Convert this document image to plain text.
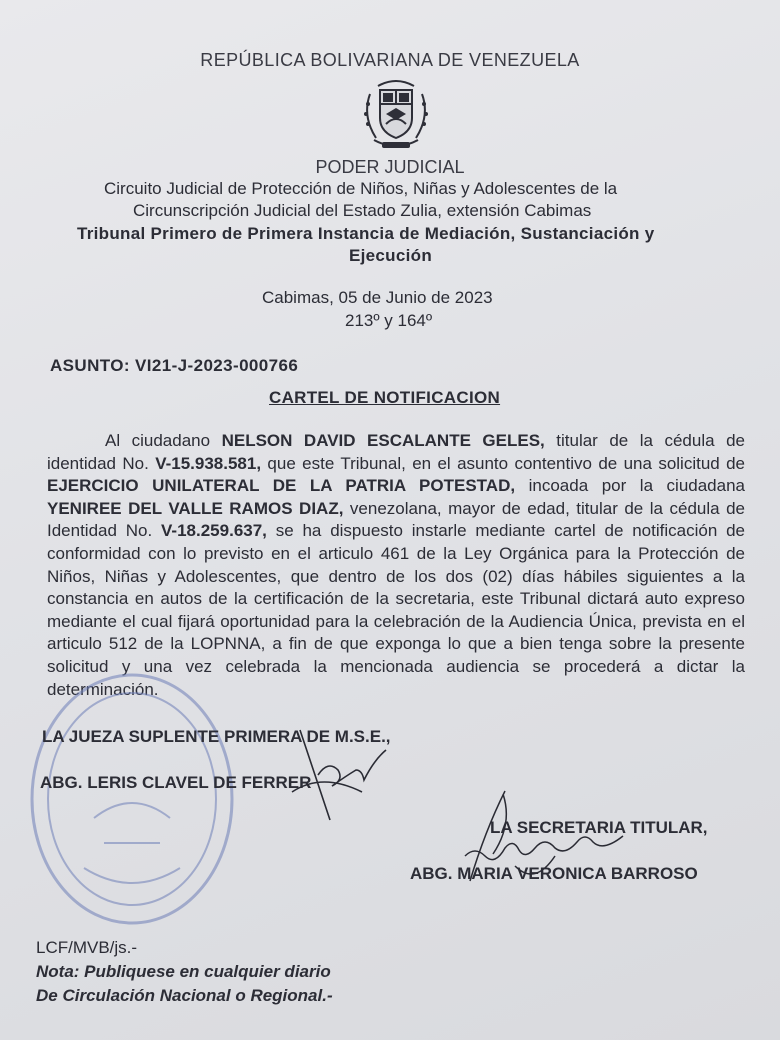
REPÚBLICA BOLIVARIANA DE VENEZUELA
PODER JUDICIAL
Circuito Judicial de Protección de Niños, Niñas y Adolescentes de la
Circunscripción Judicial del Estado Zulia, extensión Cabimas
Tribunal Primero de Primera Instancia de Mediación, Sustanciación y
Ejecución
Cabimas, 05 de Junio de 2023
213º y 164º
ASUNTO: VI21-J-2023-000766
CARTEL DE NOTIFICACION

Al ciudadano NELSON DAVID ESCALANTE GELES, titular de la cédula de identidad No. V-15.938.581, que este Tribunal, en el asunto contentivo de una solicitud de EJERCICIO UNILATERAL DE LA PATRIA POTESTAD, incoada por la ciudadana YENIREE DEL VALLE RAMOS DIAZ, venezolana, mayor de edad, titular de la cédula de Identidad No. V-18.259.637, se ha dispuesto instarle mediante cartel de notificación de conformidad con lo previsto en el articulo 461 de la Ley Orgánica para la Protección de Niños, Niñas y Adolescentes, que dentro de los dos (02) días hábiles siguientes a la constancia en autos de la certificación de la secretaria, este Tribunal dictará auto expreso mediante el cual fijará oportunidad para la celebración de la Audiencia Única, prevista en el articulo 512 de la LOPNNA, a fin de que exponga lo que a bien tenga sobre la presente solicitud y una vez celebrada la mencionada audiencia se procederá a dictar la determinación.

LA JUEZA SUPLENTE PRIMERA DE M.S.E.,
ABG. LERIS CLAVEL DE FERRER
LA SECRETARIA TITULAR,
ABG. MARIA VERONICA BARROSO
LCF/MVB/js.-
Nota: Publiquese en cualquier diario
De Circulación Nacional o Regional.-
